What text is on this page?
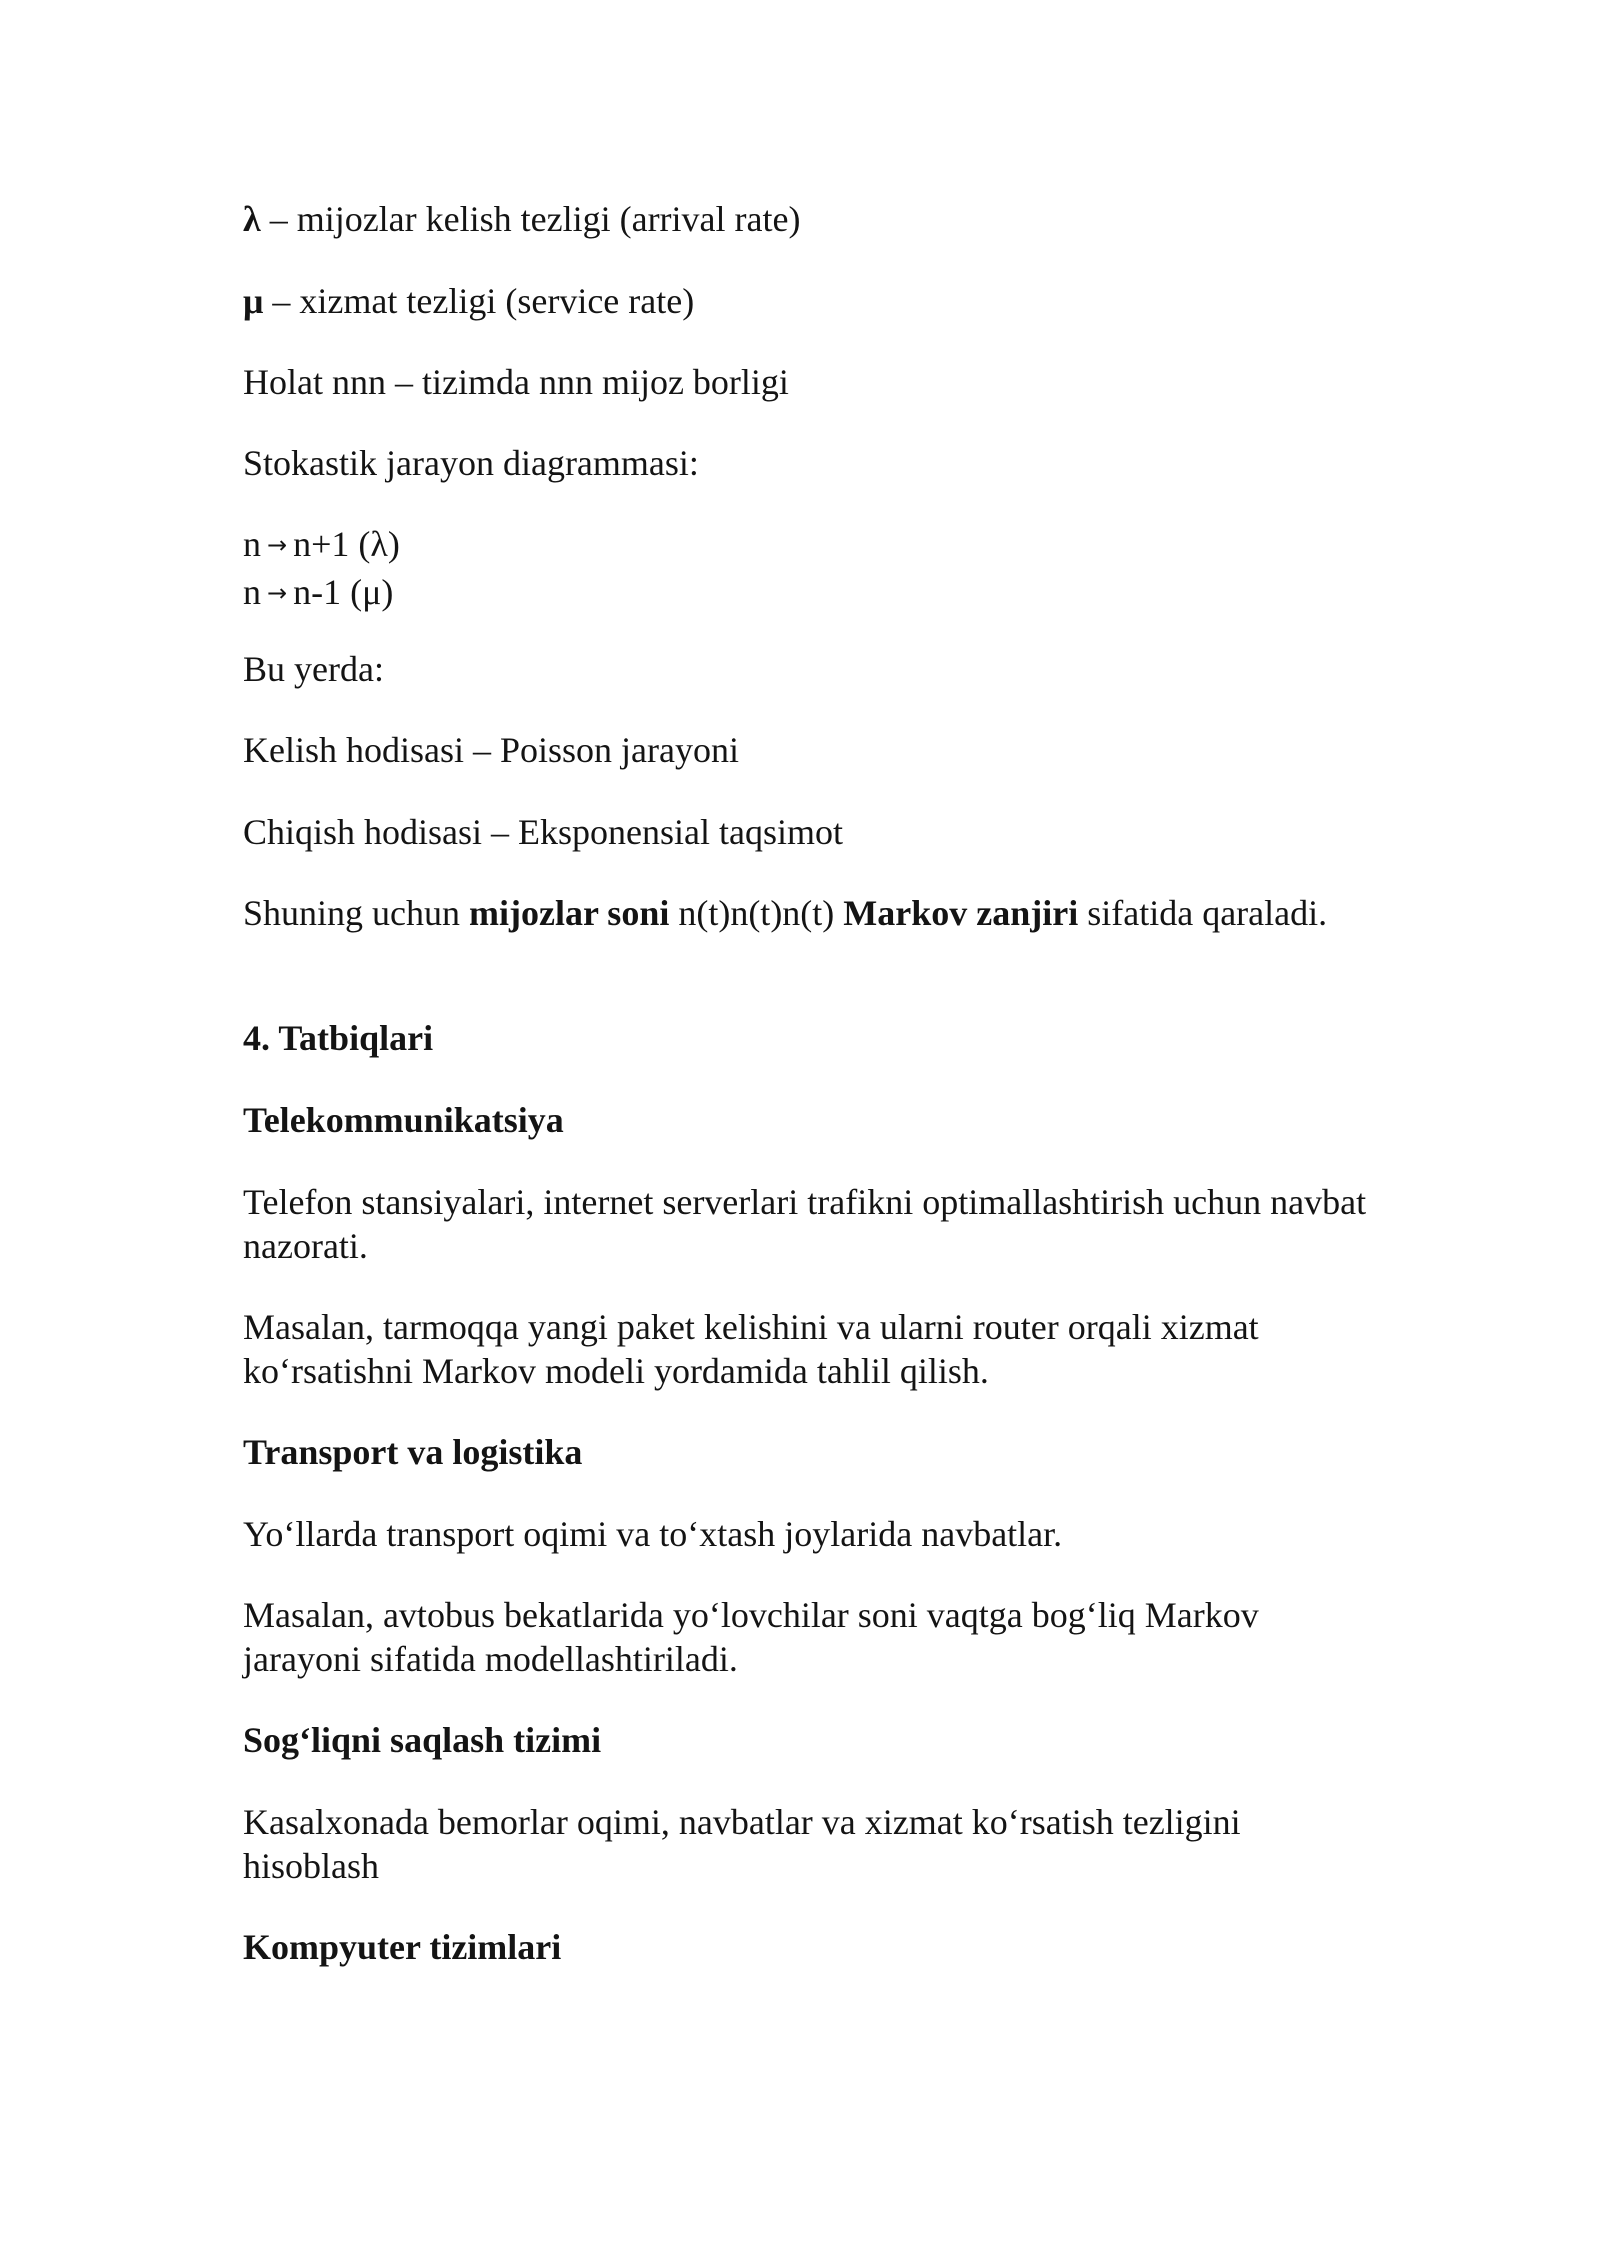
λ – mijozlar kelish tezligi (arrival rate)

μ – xizmat tezligi (service rate)

Holat nnn – tizimda nnn mijoz borligi

Stokastik jarayon diagrammasi:

n → n+1 (λ)
n → n-1 (μ)

Bu yerda:

Kelish hodisasi – Poisson jarayoni

Chiqish hodisasi – Eksponensial taqsimot

Shuning uchun mijozlar soni n(t)n(t)n(t) Markov zanjiri sifatida qaraladi.

4. Tatbiqlari

Telekommunikatsiya

Telefon stansiyalari, internet serverlari trafikni optimallashtirish uchun navbat nazorati.

Masalan, tarmoqqa yangi paket kelishini va ularni router orqali xizmat ko‘rsatishni Markov modeli yordamida tahlil qilish.

Transport va logistika

Yo‘llarda transport oqimi va to‘xtash joylarida navbatlar.

Masalan, avtobus bekatlarida yo‘lovchilar soni vaqtga bog‘liq Markov jarayoni sifatida modellashtiriladi.

Sog‘liqni saqlash tizimi

Kasalxonada bemorlar oqimi, navbatlar va xizmat ko‘rsatish tezligini hisoblash

Kompyuter tizimlari
